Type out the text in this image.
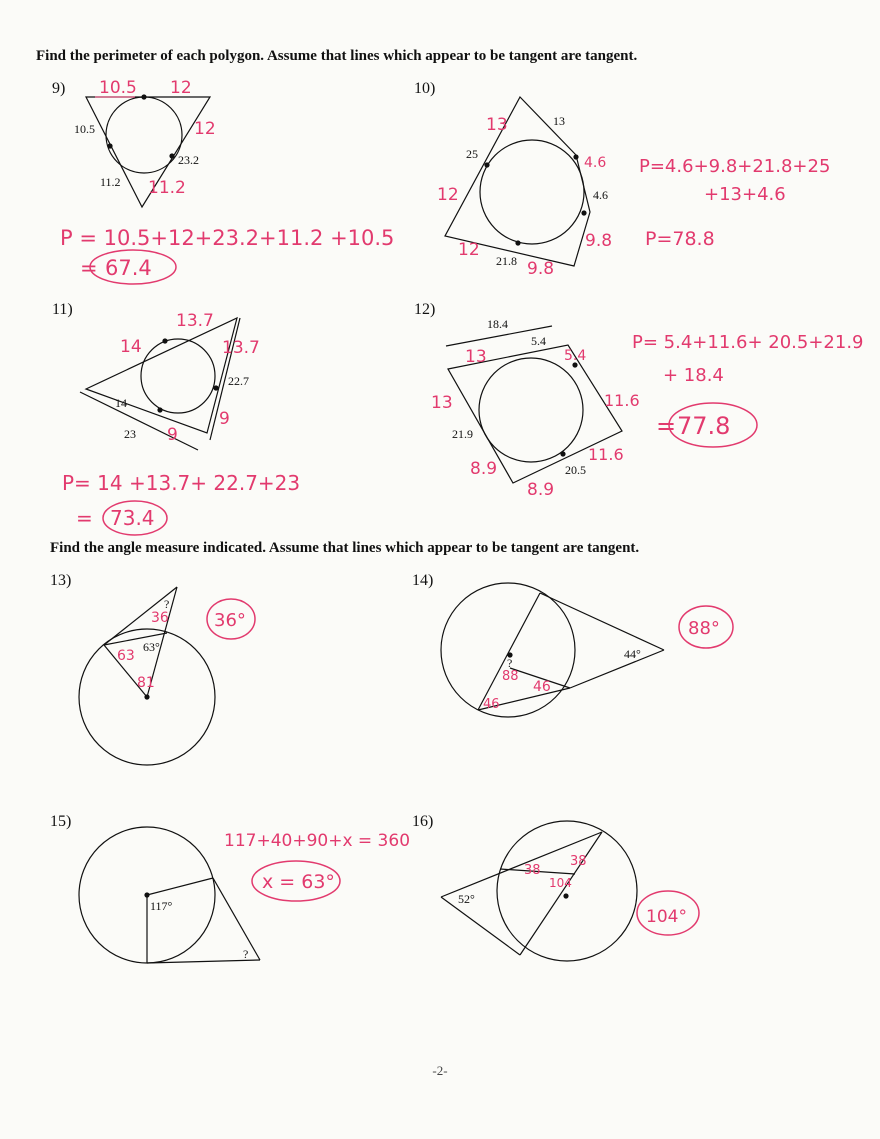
Find the perimeter of each polygon. Assume that lines which appear to be tangent are tangent.
Find the angle measure indicated. Assume that lines which appear to be tangent are tangent.
9)	10)
11)	12)
13)	14)
15)	16)
10.5
23.2
11.2
13
25
4.6
21.8
14
23
22.7
18.4
5.4
21.9
20.5
?
63°	44°
?
117°
?
52°
10.5 12
12
11.2
P = 10.5+12+23.2+11.2 +10.5
= 67.4
13
12
12
4.6
9.8
9.8
P=4.6+9.8+21.8+25
+13+4.6
P=78.8
13.7
14	13.7
9
9
P= 14 +13.7+ 22.7+23
= 73.4
13	5.4
13	11.6
11.6
8.9
8.9
P= 5.4+11.6+ 20.5+21.9
+ 18.4
= 77.8
36
63
81
36°
88
46
46
88°
117+40+90+x = 360
x = 63°
38
38
104
104°
-2-
